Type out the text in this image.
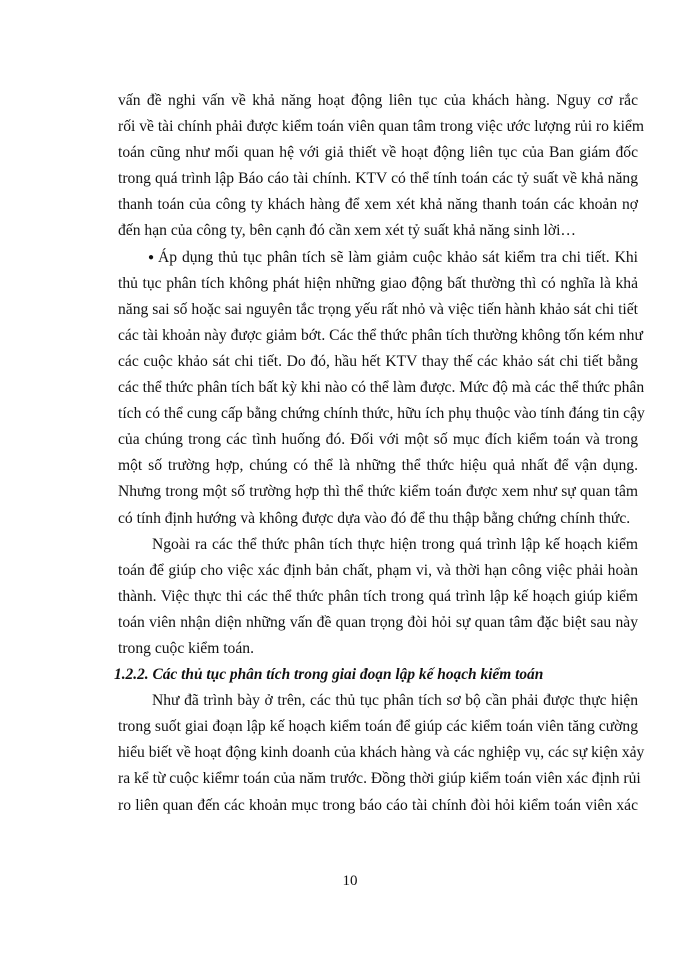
vấn đề nghi vấn về khả năng hoạt động liên tục của khách hàng. Nguy cơ rắc
rối về tài chính phải được kiểm toán viên quan tâm trong việc ước lượng rủi ro kiểm
toán cũng như mối quan hệ với giả thiết về hoạt động liên tục của Ban giám đốc
trong quá trình lập Báo cáo tài chính. KTV có thể tính toán các tỷ suất về khả năng
thanh toán của công ty khách hàng để xem xét khả năng thanh toán các khoản nợ
đến hạn của công ty, bên cạnh đó cần xem xét tỷ suất khả năng sinh lời…
● Áp dụng thủ tục phân tích sẽ làm giảm cuộc khảo sát kiểm tra chi tiết. Khi
thủ tục phân tích không phát hiện những giao động bất thường thì có nghĩa là khả
năng sai số hoặc sai nguyên tắc trọng yếu rất nhỏ và việc tiến hành khảo sát chi tiết
các tài khoản này được giảm bớt. Các thể thức phân tích thường không tốn kém như
các cuộc khảo sát chi tiết. Do đó, hầu hết KTV thay thế các khảo sát chi tiết bằng
các thể thức phân tích bất kỳ khi nào có thể làm được. Mức độ mà các thể thức phân
tích có thể cung cấp bằng chứng chính thức, hữu ích phụ thuộc vào tính đáng tin cậy
của chúng trong các tình huống đó. Đối với một số mục đích kiểm toán và trong
một số trường hợp, chúng có thể là những thể thức hiệu quả nhất để vận dụng.
Nhưng trong một số trường hợp thì thể thức kiểm toán được xem như sự quan tâm
có tính định hướng và không được dựa vào đó để thu thập bằng chứng chính thức.
Ngoài ra các thể thức phân tích thực hiện trong quá trình lập kế hoạch kiểm
toán để giúp cho việc xác định bản chất, phạm vi, và thời hạn công việc phải hoàn
thành. Việc thực thi các thể thức phân tích trong quá trình lập kế hoạch giúp kiểm
toán viên nhận diện những vấn đề quan trọng đòi hỏi sự quan tâm đặc biệt sau này
trong cuộc kiểm toán.
1.2.2. Các thủ tục phân tích trong giai đoạn lập kế hoạch kiểm toán
Như đã trình bày ở trên, các thủ tục phân tích sơ bộ cần phải được thực hiện
trong suốt giai đoạn lập kế hoạch kiểm toán để giúp các kiểm toán viên tăng cường
hiểu biết về hoạt động kinh doanh của khách hàng và các nghiệp vụ, các sự kiện xảy
ra kể từ cuộc kiểmr toán của năm trước. Đồng thời giúp kiểm toán viên xác định rủi
ro liên quan đến các khoản mục trong báo cáo tài chính đòi hỏi kiểm toán viên xác
10
